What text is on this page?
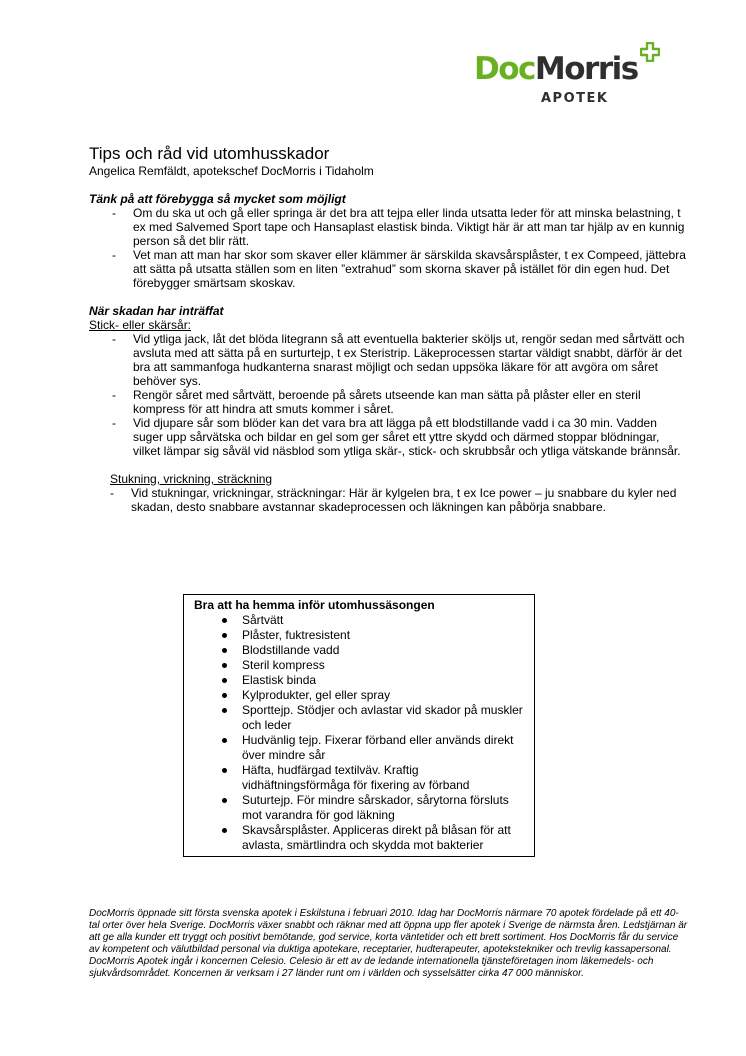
DocMorris
APOTEK
Tips och råd vid utomhusskador

Angelica Remfäldt, apotekschef DocMorris i Tidaholm

Tänk på att förebygga så mycket som möjligt

- Om du ska ut och gå eller springa är det bra att tejpa eller linda utsatta leder för att minska belastning, t ex med Salvemed Sport tape och Hansaplast elastisk binda. Viktigt här är att man tar hjälp av en kunnig person så det blir rätt.
- Vet man att man har skor som skaver eller klämmer är särskilda skavsårsplåster, t ex Compeed, jättebra att sätta på utsatta ställen som en liten ”extrahud” som skorna skaver på istället för din egen hud. Det förebygger smärtsam skoskav.

När skadan har inträffat

Stick- eller skärsår:

- Vid ytliga jack, låt det blöda litegrann så att eventuella bakterier sköljs ut, rengör sedan med sårtvätt och avsluta med att sätta på en surturtejp, t ex Steristrip. Läkeprocessen startar väldigt snabbt, därför är det bra att sammanfoga hudkanterna snarast möjligt och sedan uppsöka läkare för att avgöra om såret behöver sys.
- Rengör såret med sårtvätt, beroende på sårets utseende kan man sätta på plåster eller en steril kompress för att hindra att smuts kommer i såret.
- Vid djupare sår som blöder kan det vara bra att lägga på ett blodstillande vadd i ca 30 min. Vadden suger upp sårvätska och bildar en gel som ger såret ett yttre skydd och därmed stoppar blödningar, vilket lämpar sig såväl vid näsblod som ytliga skär-, stick- och skrubbsår och ytliga vätskande brännsår.

Stukning, vrickning, sträckning

- Vid stukningar, vrickningar, sträckningar: Här är kylgelen bra, t ex Ice power – ju snabbare du kyler ned skadan, desto snabbare avstannar skadeprocessen och läkningen kan påbörja snabbare.

Bra att ha hemma inför utomhussäsongen

Sårtvätt
Plåster, fuktresistent
Blodstillande vadd
Steril kompress
Elastisk binda
Kylprodukter, gel eller spray
Sporttejp. Stödjer och avlastar vid skador på muskler och leder
Hudvänlig tejp. Fixerar förband eller används direkt över mindre sår
Häfta, hudfärgad textilväv. Kraftig vidhäftningsförmåga för fixering av förband
Suturtejp. För mindre sårskador, sårytorna försluts mot varandra för god läkning
Skavsårsplåster. Appliceras direkt på blåsan för att avlasta, smärtlindra och skydda mot bakterier

DocMorris öppnade sitt första svenska apotek i Eskilstuna i februari 2010. Idag har DocMorris närmare 70 apotek fördelade på ett 40-tal orter över hela Sverige. DocMorris växer snabbt och räknar med att öppna upp fler apotek i Sverige de närmsta åren. Ledstjärnan är att ge alla kunder ett tryggt och positivt bemötande, god service, korta väntetider och ett brett sortiment. Hos DocMorris får du service av kompetent och välutbildad personal via duktiga apotekare, receptarier, hudterapeuter, apotekstekniker och trevlig kassapersonal.

DocMorris Apotek ingår i koncernen Celesio. Celesio är ett av de ledande internationella tjänsteföretagen inom läkemedels- och sjukvårdsområdet. Koncernen är verksam i 27 länder runt om i världen och sysselsätter cirka 47 000 människor.
